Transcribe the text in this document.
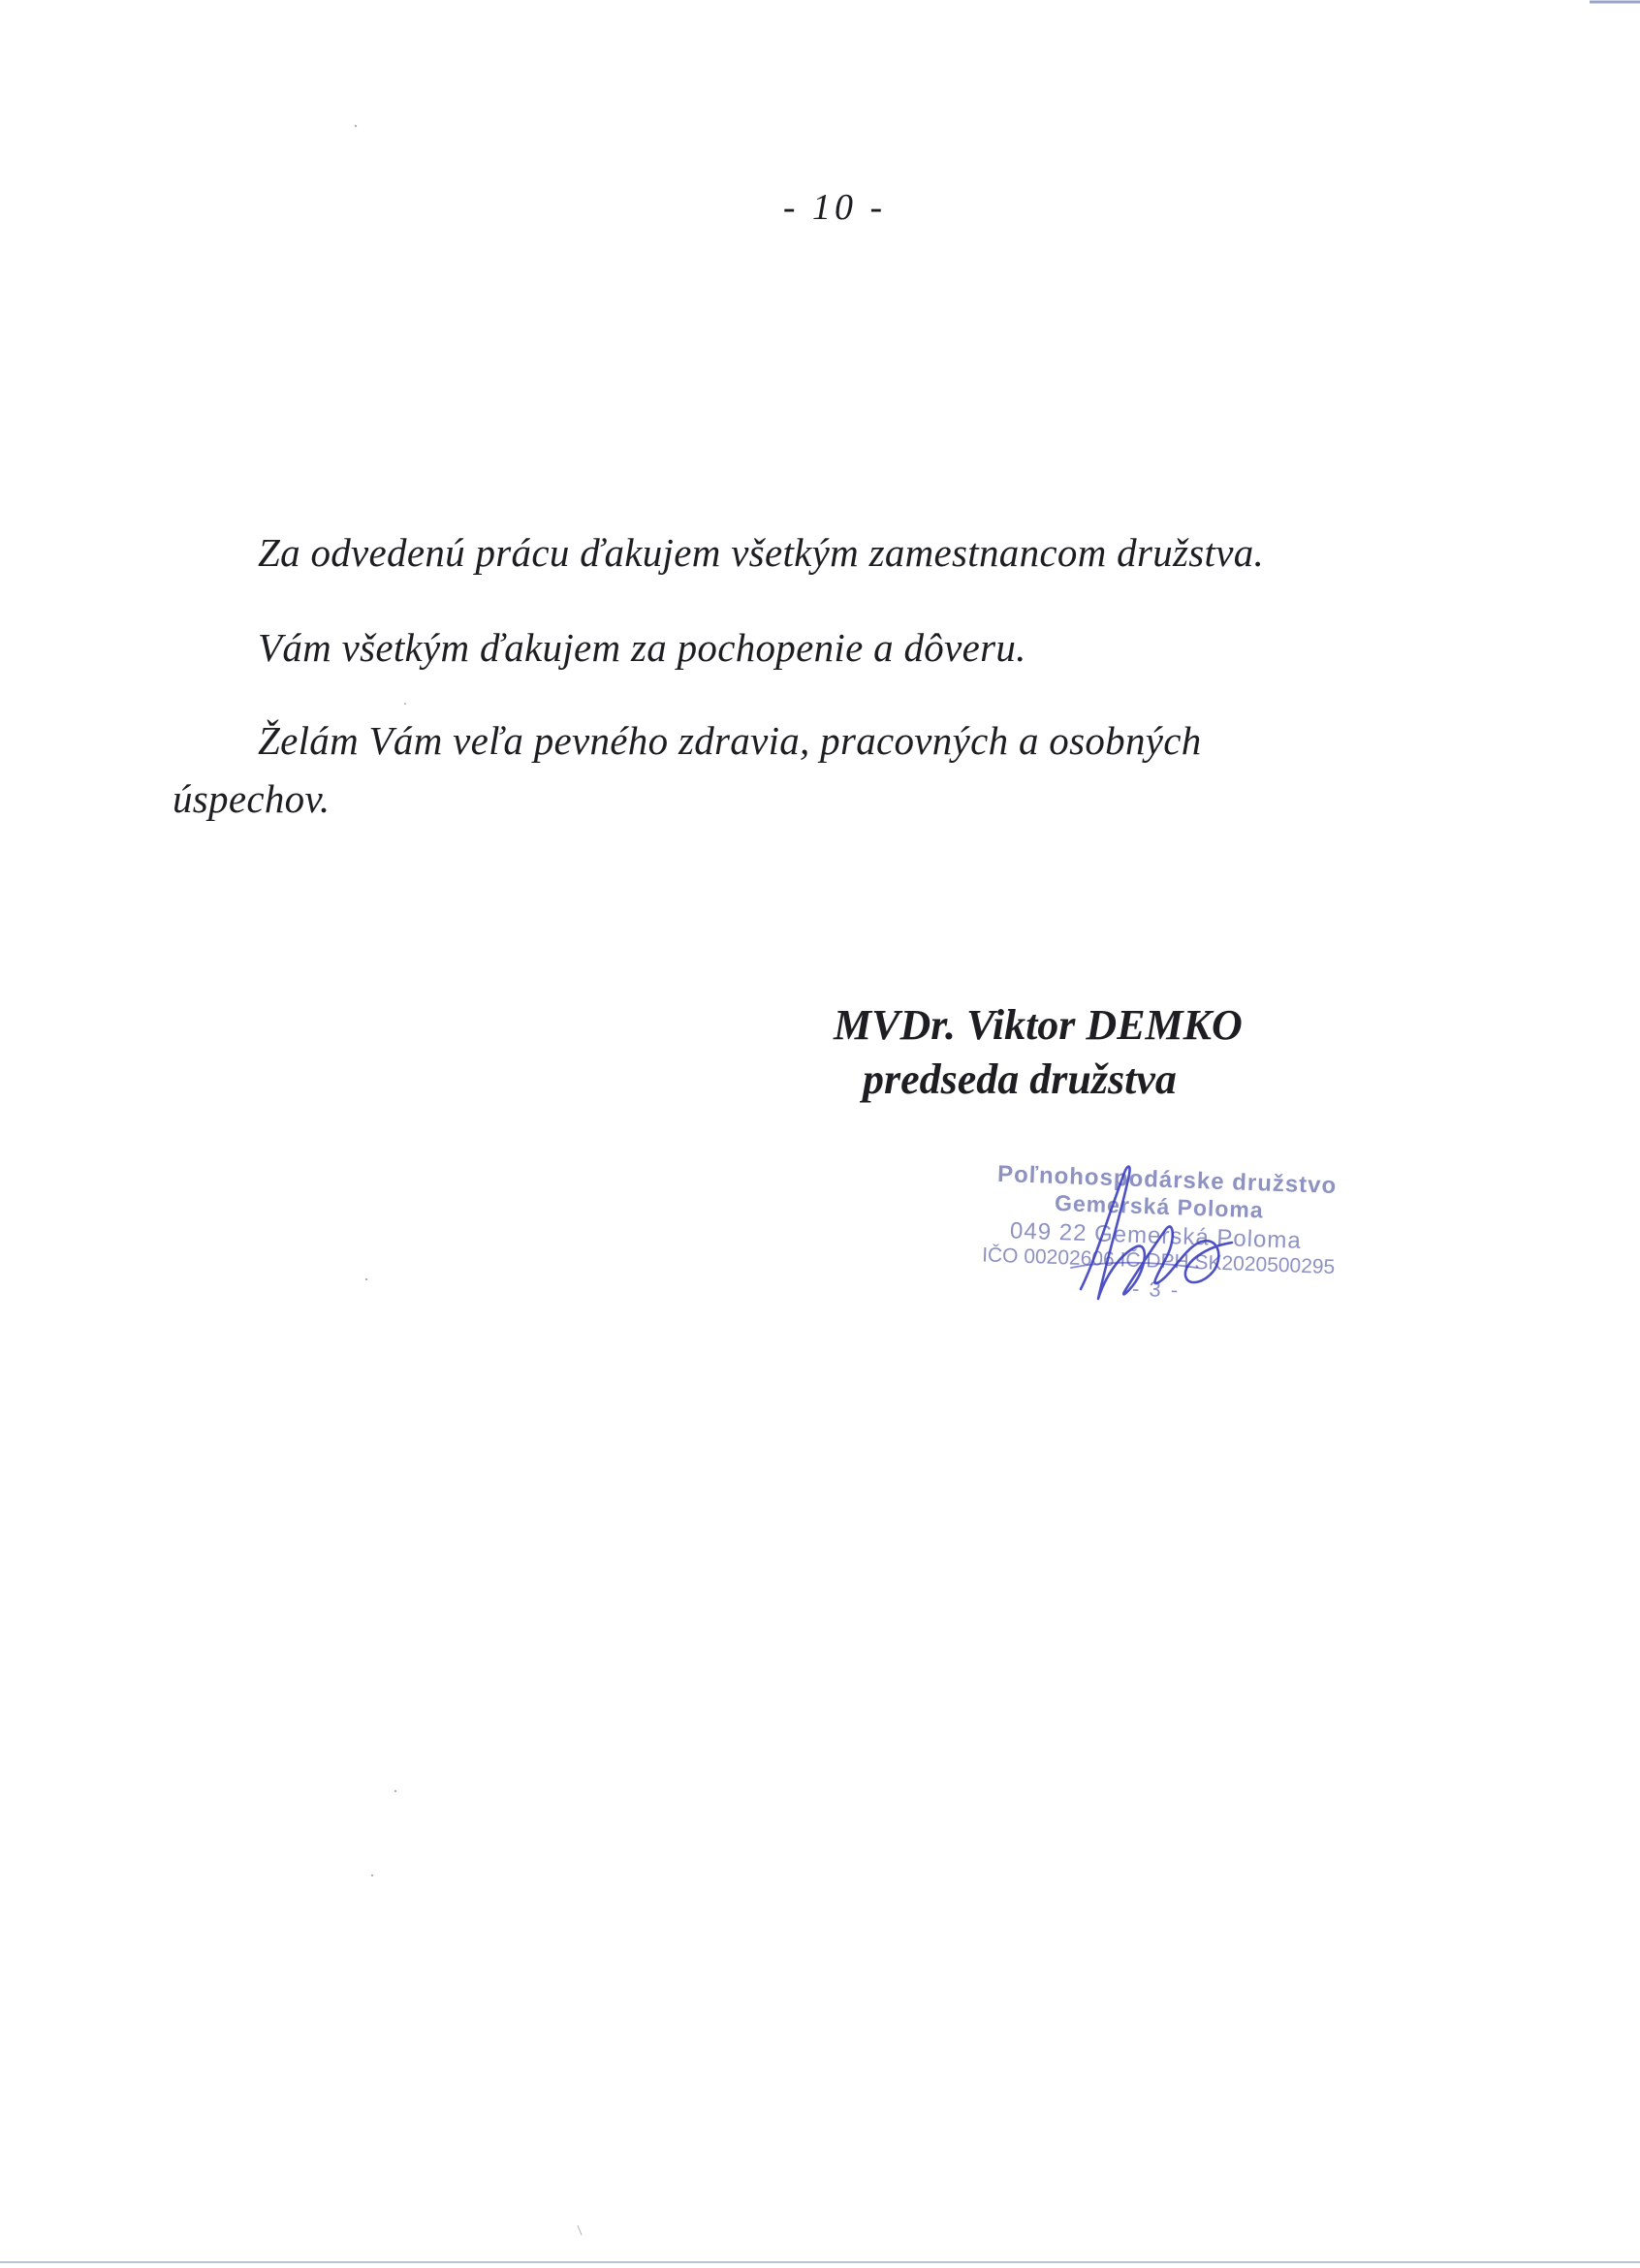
- 10 -
Za odvedenú prácu ďakujem všetkým zamestnancom družstva.
Vám všetkým ďakujem za pochopenie a dôveru.
Želám Vám veľa pevného zdravia, pracovných a osobných
úspechov.
MVDr. Viktor DEMKO
predseda družstva
Poľnohospodárske družstvo
Gemerská Poloma
049 22 Gemerská Poloma
IČO 00202606 IČ DPH SK2020500295
- 3 -
